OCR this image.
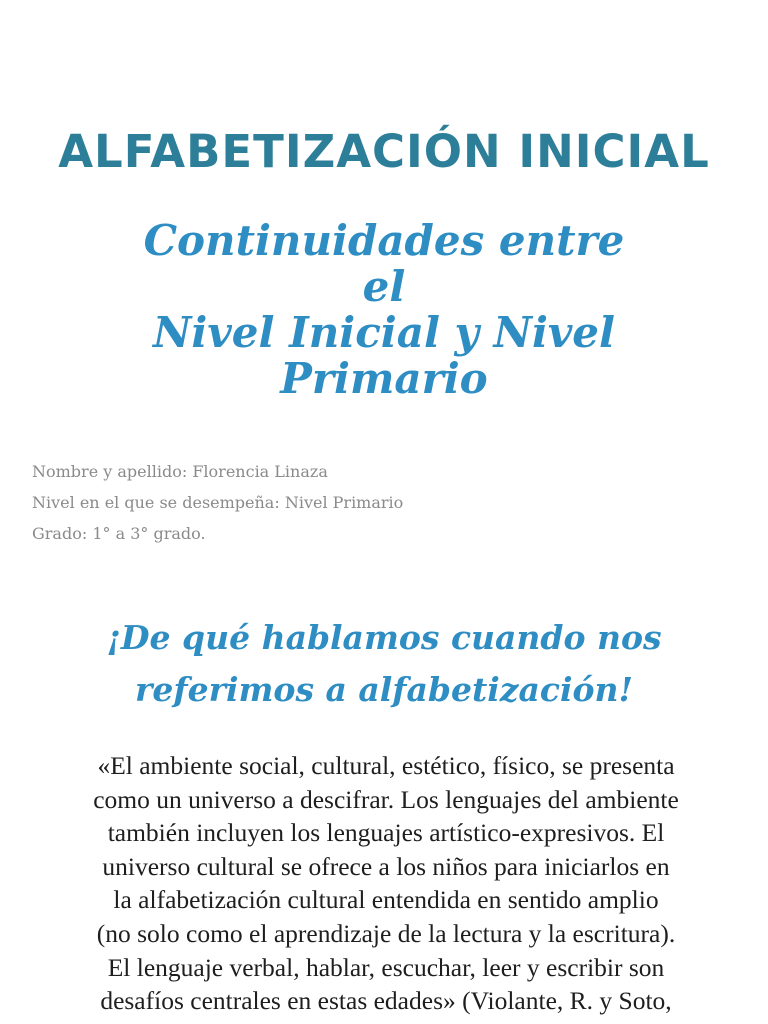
ALFABETIZACIÓN INICIAL
Continuidades entre el
Nivel Inicial y Nivel
Primario
Nombre y apellido: Florencia Linaza
Nivel en el que se desempeña: Nivel Primario
Grado: 1° a 3° grado.
¡De qué hablamos cuando nos
referimos a alfabetización!
«El ambiente social, cultural, estético, físico, se presenta
como un universo a descifrar. Los lenguajes del ambiente
también incluyen los lenguajes artístico-expresivos. El
universo cultural se ofrece a los niños para iniciarlos en
la alfabetización cultural entendida en sentido amplio
(no solo como el aprendizaje de la lectura y la escritura).
El lenguaje verbal, hablar, escuchar, leer y escribir son
desafíos centrales en estas edades» (Violante, R. y Soto,
